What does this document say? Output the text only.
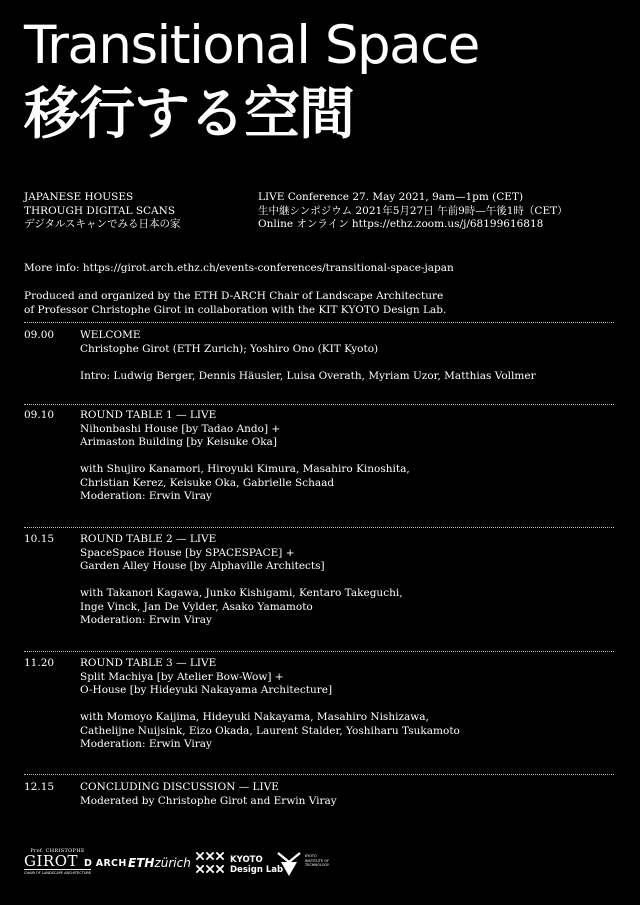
Transitional Space
移行する空間
JAPANESE HOUSES
THROUGH DIGITAL SCANS
デジタルスキャンでみる日本の家
LIVE Conference 27. May 2021, 9am—1pm (CET)
生中継シンポジウム 2021年5月27日 午前9時—午後1時（CET）
Online オンライン https://ethz.zoom.us/j/68199616818
More info: https://girot.arch.ethz.ch/events-conferences/transitional-space-japan
Produced and organized by the ETH D-ARCH Chair of Landscape Architecture
of Professor Christophe Girot in collaboration with the KIT KYOTO Design Lab.
09.00 WELCOME
Christophe Girot (ETH Zurich); Yoshiro Ono (KIT Kyoto)
Intro: Ludwig Berger, Dennis Häusler, Luisa Overath, Myriam Uzor, Matthias Vollmer
09.10 ROUND TABLE 1 — LIVE
Nihonbashi House [by Tadao Ando] +
Arimaston Building [by Keisuke Oka]
with Shujiro Kanamori, Hiroyuki Kimura, Masahiro Kinoshita,
Christian Kerez, Keisuke Oka, Gabrielle Schaad
Moderation: Erwin Viray
10.15 ROUND TABLE 2 — LIVE
SpaceSpace House [by SPACESPACE] +
Garden Alley House [by Alphaville Architects]
with Takanori Kagawa, Junko Kishigami, Kentaro Takeguchi,
Inge Vinck, Jan De Vylder, Asako Yamamoto
Moderation: Erwin Viray
11.20 ROUND TABLE 3 — LIVE
Split Machiya [by Atelier Bow-Wow] +
O-House [by Hideyuki Nakayama Architecture]
with Momoyo Kaijima, Hideyuki Nakayama, Masahiro Nishizawa,
Cathelijne Nuijsink, Eizo Okada, Laurent Stalder, Yoshiharu Tsukamoto
Moderation: Erwin Viray
12.15 CONCLUDING DISCUSSION — LIVE
Moderated by Christophe Girot and Erwin Viray
Prof. CHRISTOPHE
GIROT
CHAIR OF LANDSCAPE ARCHITECTURE
D ARCH ETHzürich	KYOTO
Design Lab
KYOTO
INSTITUTE OF
TECHNOLOGY
